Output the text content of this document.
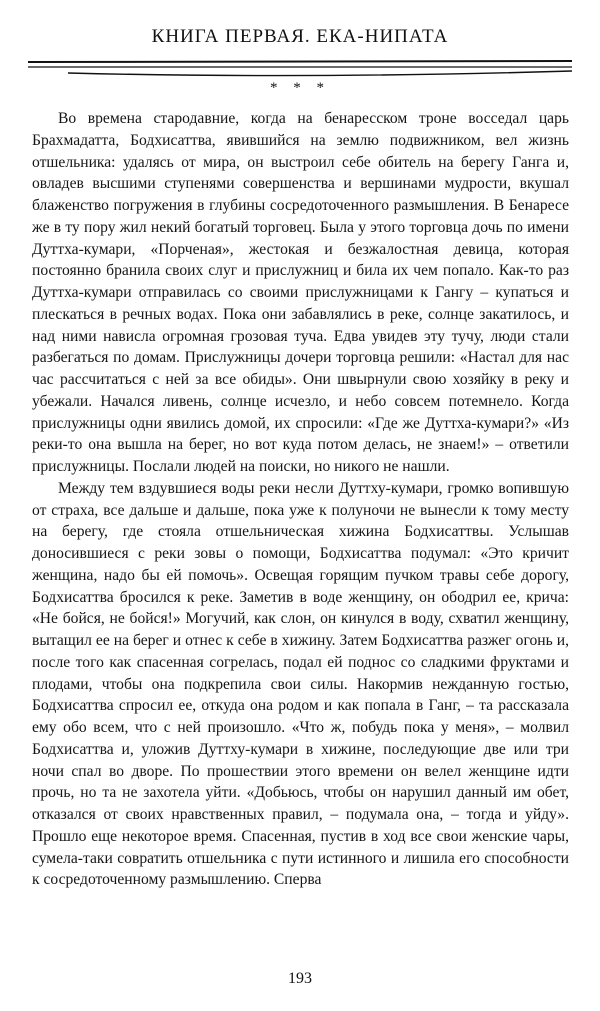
КНИГА ПЕРВАЯ. ЕКА-НИПАТА
* * *

Во времена стародавние, когда на бенаресском троне восседал царь Брахмадатта, Бодхисаттва, явившийся на землю подвижником, вел жизнь отшельника: удалясь от мира, он выстроил себе обитель на берегу Ганга и, овладев высшими ступенями совершенства и вершинами мудрости, вкушал блаженство погружения в глубины сосредоточенного размышления. В Бенаресе же в ту пору жил некий богатый торговец. Была у этого торговца дочь по имени Дуттха-кумари, «Порченая», жестокая и безжалостная девица, которая постоянно бранила своих слуг и прислужниц и била их чем попало. Как-то раз Дуттха-кумари отправилась со своими прислужницами к Гангу – купаться и плескаться в речных водах. Пока они забавлялись в реке, солнце закатилось, и над ними нависла огромная грозовая туча. Едва увидев эту тучу, люди стали разбегаться по домам. Прислужницы дочери торговца решили: «Настал для нас час рассчитаться с ней за все обиды». Они швырнули свою хозяйку в реку и убежали. Начался ливень, солнце исчезло, и небо совсем потемнело. Когда прислужницы одни явились домой, их спросили: «Где же Дуттха-кумари?» «Из реки-то она вышла на берег, но вот куда потом делась, не знаем!» – ответили прислужницы. Послали людей на поиски, но никого не нашли.

Между тем вздувшиеся воды реки несли Дуттху-кумари, громко вопившую от страха, все дальше и дальше, пока уже к полуночи не вынесли к тому месту на берегу, где стояла отшельническая хижина Бодхисаттвы. Услышав доносившиеся с реки зовы о помощи, Бодхисаттва подумал: «Это кричит женщина, надо бы ей помочь». Освещая горящим пучком травы себе дорогу, Бодхисаттва бросился к реке. Заметив в воде женщину, он ободрил ее, крича: «Не бойся, не бойся!» Могучий, как слон, он кинулся в воду, схватил женщину, вытащил ее на берег и отнес к себе в хижину. Затем Бодхисаттва разжег огонь и, после того как спасенная согрелась, подал ей поднос со сладкими фруктами и плодами, чтобы она подкрепила свои силы. Накормив нежданную гостью, Бодхисаттва спросил ее, откуда она родом и как попала в Ганг, – та рассказала ему обо всем, что с ней произошло. «Что ж, побудь пока у меня», – молвил Бодхисаттва и, уложив Дуттху-кумари в хижине, последующие две или три ночи спал во дворе. По прошествии этого времени он велел женщине идти прочь, но та не захотела уйти. «Добьюсь, чтобы он нарушил данный им обет, отказался от своих нравственных правил, – подумала она, – тогда и уйду». Прошло еще некоторое время. Спасенная, пустив в ход все свои женские чары, сумела-таки совратить отшельника с пути истинного и лишила его способности к сосредоточенному размышлению. Сперва

193
